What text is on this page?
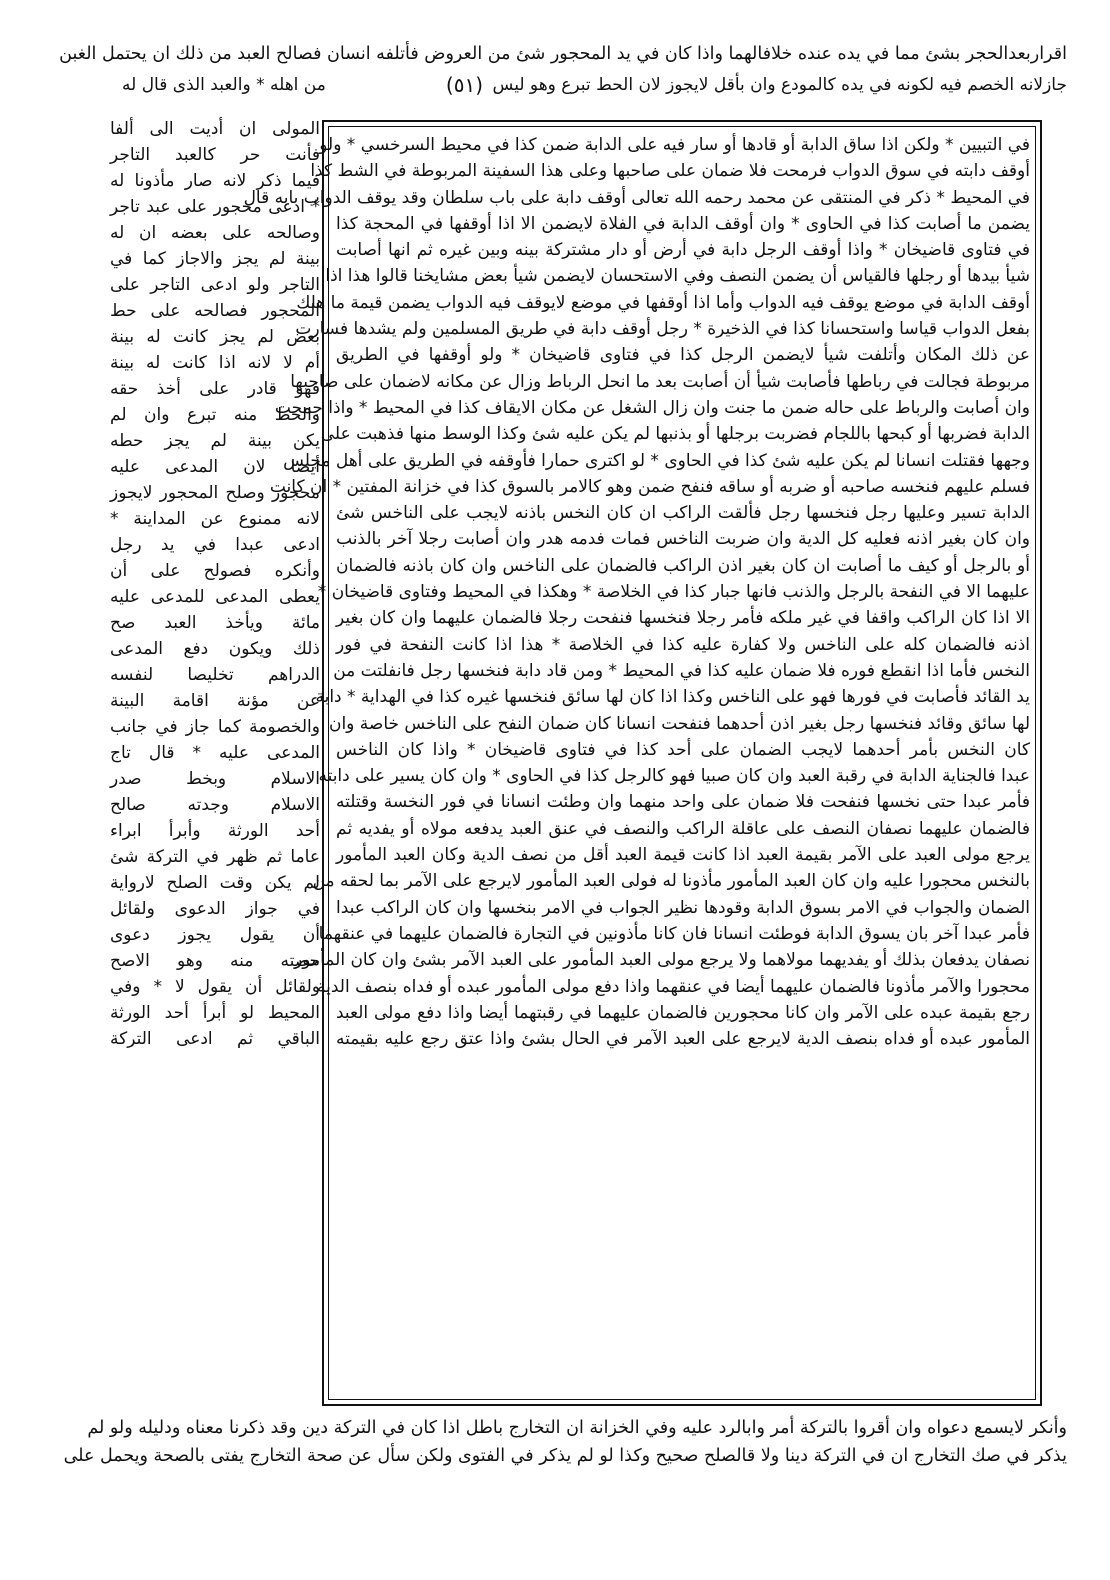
اقراربعدالحجر بشئ مما في يده عنده خلافالهما واذا كان في يد المحجور شئ من العروض فأتلفه انسان فصالح العبد من ذلك ان يحتمل الغبن
جازلانه الخصم فيه لكونه في يده كالمودع وان بأقل لايجوز لان الحط تبرع وهو ليس
(٥١)
من اهله * والعبد الذى قال له
المولى ان أديت الى ألفا
فأنت حر كالعبد التاجر
فيما ذكر لانه صار مأذونا له
* ادعى محجور على عبد تاجر
وصالحه على بعضه ان له
بينة لم يجز والاجاز كما في
التاجر ولو ادعى التاجر على
المحجور فصالحه على حط
بعض لم يجز كانت له بينة
أم لا لانه اذا كانت له بينة
فهو قادر على أخذ حقه
والحط منه تبرع وان لم
يكن بينة لم يجز حطه
أيضا لان المدعى عليه
محجور وصلح المحجور لايجوز
لانه ممنوع عن المداينة *
ادعى عبدا في يد رجل
وأنكره فصولح على أن
يعطى المدعى للمدعى عليه
مائة ويأخذ العبد صح
ذلك ويكون دفع المدعى
الدراهم تخليصا لنفسه
عن مؤنة اقامة البينة
والخصومة كما جاز في جانب
المدعى عليه * قال تاج
الاسلام وبخط صدر
الاسلام وجدته صالح
أحد الورثة وأبرأ ابراء
عاما ثم ظهر في التركة شئ
لم يكن وقت الصلح لارواية
في جواز الدعوى ولقائل
أن يقول يجوز دعوى
حصته منه وهو الاصح
ولقائل أن يقول لا * وفي
المحيط لو أبرأ أحد الورثة
الباقي ثم ادعى التركة
في التبيين * ولكن اذا ساق الدابة أو قادها أو سار فيه على الدابة ضمن كذا في محيط السرخسي * ولو
أوقف دابته في سوق الدواب فرمحت فلا ضمان على صاحبها وعلى هذا السفينة المربوطة في الشط كذا
في المحيط * ذكر في المنتقى عن محمد رحمه الله تعالى أوقف دابة على باب سلطان وقد يوقف الدواب بابه قال
يضمن ما أصابت كذا في الحاوى * وان أوقف الدابة في الفلاة لايضمن الا اذا أوقفها في المحجة كذا
في فتاوى قاضيخان * واذا أوقف الرجل دابة في أرض أو دار مشتركة بينه وبين غيره ثم انها أصابت
شيأ بيدها أو رجلها فالقياس أن يضمن النصف وفي الاستحسان لايضمن شيأ بعض مشايخنا قالوا هذا اذا
أوقف الدابة في موضع يوقف فيه الدواب وأما اذا أوقفها في موضع لايوقف فيه الدواب يضمن قيمة ما هلك
بفعل الدواب قياسا واستحسانا كذا في الذخيرة * رجل أوقف دابة في طريق المسلمين ولم يشدها فسارت
عن ذلك المكان وأتلفت شيأ لايضمن الرجل كذا في فتاوى قاضيخان * ولو أوقفها في الطريق
مربوطة فجالت في رباطها فأصابت شيأ أن أصابت بعد ما انحل الرباط وزال عن مكانه لاضمان على صاحبها
وان أصابت والرباط على حاله ضمن ما جنت وان زال الشغل عن مكان الايقاف كذا في المحيط * واذا جمحت
الدابة فضربها أو كبحها باللجام فضربت برجلها أو بذنبها لم يكن عليه شئ وكذا الوسط منها فذهبت على
وجهها فقتلت انسانا لم يكن عليه شئ كذا في الحاوى * لو اكترى حمارا فأوقفه في الطريق على أهل مجلس
فسلم عليهم فنخسه صاحبه أو ضربه أو ساقه فنفح ضمن وهو كالامر بالسوق كذا في خزانة المفتين * ان كانت
الدابة تسير وعليها رجل فنخسها رجل فألقت الراكب ان كان النخس باذنه لايجب على الناخس شئ
وان كان بغير اذنه فعليه كل الدية وان ضربت الناخس فمات فدمه هدر وان أصابت رجلا آخر بالذنب
أو بالرجل أو كيف ما أصابت ان كان بغير اذن الراكب فالضمان على الناخس وان كان باذنه فالضمان
عليهما الا في النفحة بالرجل والذنب فانها جبار كذا في الخلاصة * وهكذا في المحيط وفتاوى قاضيخان *
الا اذا كان الراكب واقفا في غير ملكه فأمر رجلا فنخسها فنفحت رجلا فالضمان عليهما وان كان بغير
اذنه فالضمان كله على الناخس ولا كفارة عليه كذا في الخلاصة * هذا اذا كانت النفحة في فور
النخس فأما اذا انقطع فوره فلا ضمان عليه كذا في المحيط * ومن قاد دابة فنخسها رجل فانفلتت من
يد القائد فأصابت في فورها فهو على الناخس وكذا اذا كان لها سائق فنخسها غيره كذا في الهداية * دابة
لها سائق وقائد فنخسها رجل بغير اذن أحدهما فنفحت انسانا كان ضمان النفح على الناخس خاصة وان
كان النخس بأمر أحدهما لايجب الضمان على أحد كذا في فتاوى قاضيخان * واذا كان الناخس
عبدا فالجناية الدابة في رقبة العبد وان كان صبيا فهو كالرجل كذا في الحاوى * وان كان يسير على دابته
فأمر عبدا حتى نخسها فنفحت فلا ضمان على واحد منهما وان وطئت انسانا في فور النخسة وقتلته
فالضمان عليهما نصفان النصف على عاقلة الراكب والنصف في عنق العبد يدفعه مولاه أو يفديه ثم
يرجع مولى العبد على الآمر بقيمة العبد اذا كانت قيمة العبد أقل من نصف الدية وكان العبد المأمور
بالنخس محجورا عليه وان كان العبد المأمور مأذونا له فولى العبد المأمور لايرجع على الآمر بما لحقه من
الضمان والجواب في الامر بسوق الدابة وقودها نظير الجواب في الامر بنخسها وان كان الراكب عبدا
فأمر عبدا آخر بان يسوق الدابة فوطئت انسانا فان كانا مأذونين في التجارة فالضمان عليهما في عنقهما
نصفان يدفعان بذلك أو يفديهما مولاهما ولا يرجع مولى العبد المأمور على العبد الآمر بشئ وان كان المأمور
محجورا والآمر مأذونا فالضمان عليهما أيضا في عنقهما واذا دفع مولى المأمور عبده أو فداه بنصف الدية
رجع بقيمة عبده على الآمر وان كانا محجورين فالضمان عليهما في رقبتهما أيضا واذا دفع مولى العبد
المأمور عبده أو فداه بنصف الدية لايرجع على العبد الآمر في الحال بشئ واذا عتق رجع عليه بقيمته
وأنكر لايسمع دعواه وان أقروا بالتركة أمر وابالرد عليه وفي الخزانة ان التخارج باطل اذا كان في التركة دين وقد ذكرنا معناه ودليله ولو لم
يذكر في صك التخارج ان في التركة دينا ولا قالصلح صحيح وكذا لو لم يذكر في الفتوى ولكن سأل عن صحة التخارج يفتى بالصحة ويحمل على
